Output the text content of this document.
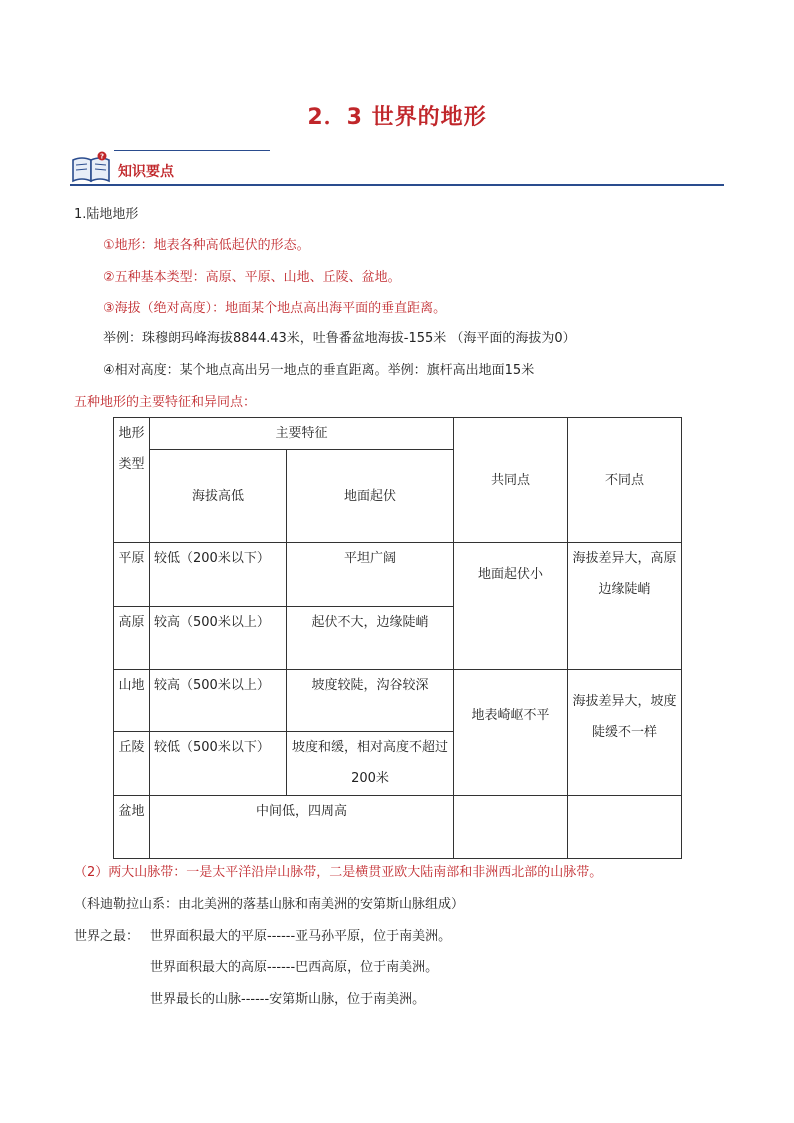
2．3 世界的地形
?
知识要点
1.陆地地形
①地形：地表各种高低起伏的形态。
②五种基本类型：高原、平原、山地、丘陵、盆地。
③海拔（绝对高度）：地面某个地点高出海平面的垂直距离。
举例：珠穆朗玛峰海拔8844.43米，吐鲁番盆地海拔-155米 （海平面的海拔为0）
④相对高度：某个地点高出另一地点的垂直距离。举例：旗杆高出地面15米
五种地形的主要特征和异同点：
地形类型	主要特征		共同点	不同点
	海拔高低	地面起伏		
平原	较低（200米以下）	平坦广阔	地面起伏小	海拔差异大，高原边缘陡峭
高原	较高（500米以上）	起伏不大，边缘陡峭		
山地	较高（500米以上）	坡度较陡，沟谷较深	地表崎岖不平	海拔差异大，坡度陡缓不一样
丘陵	较低（500米以下）	坡度和缓，相对高度不超过200米		
盆地	中间低，四周高			
（2）两大山脉带：一是太平洋沿岸山脉带，二是横贯亚欧大陆南部和非洲西北部的山脉带。
（科迪勒拉山系：由北美洲的落基山脉和南美洲的安第斯山脉组成）
世界之最： 世界面积最大的平原------亚马孙平原，位于南美洲。
世界面积最大的高原------巴西高原，位于南美洲。
世界最长的山脉------安第斯山脉，位于南美洲。
